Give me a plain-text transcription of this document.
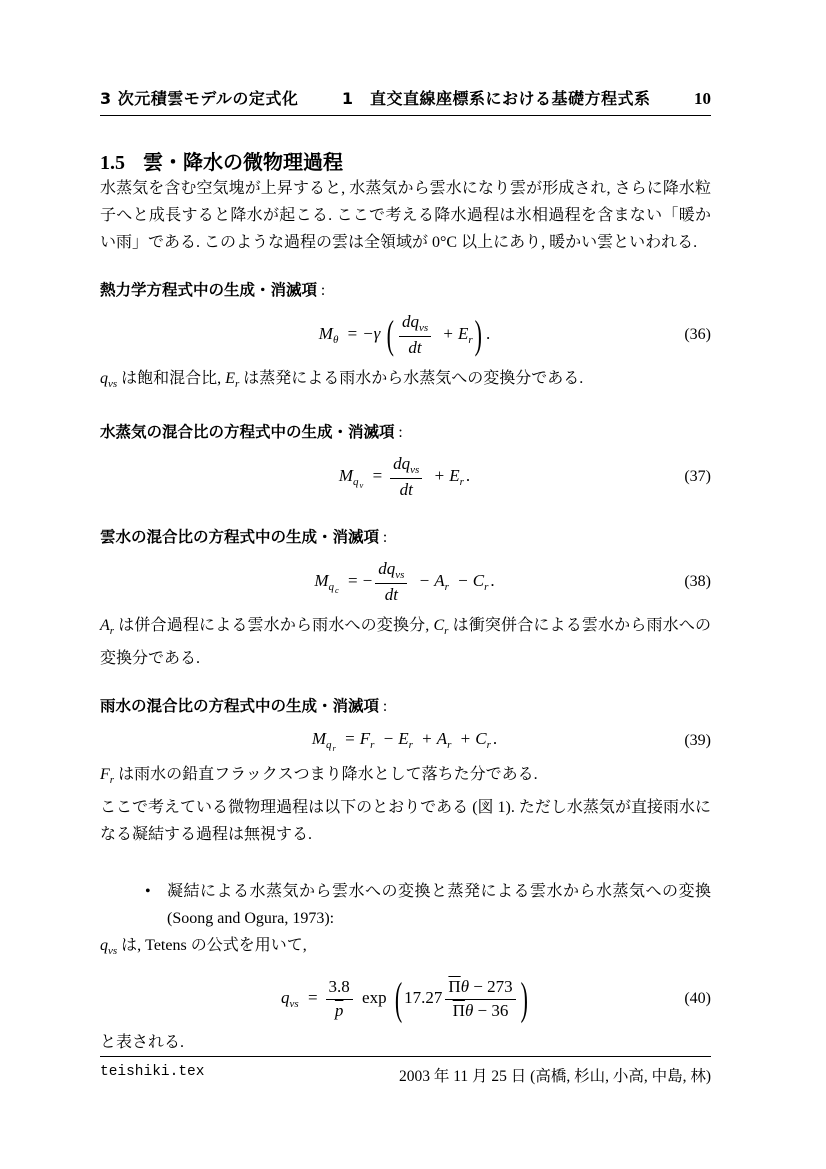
3 次元積雲モデルの定式化	1　直交直線座標系における基礎方程式系	10
1.5 雲・降水の微物理過程

水蒸気を含む空気塊が上昇すると, 水蒸気から雲水になり雲が形成され, さらに降水粒子へと成長すると降水が起こる. ここで考える降水過程は氷相過程を含まない「暖かい雨」である. このような過程の雲は全領域が 0°C 以上にあり, 暖かい雲といわれる.

熱力学方程式中の生成・消滅項 :
$M_\theta = -\gamma$ ( $\frac{dq_{vs}}{dt} + E_r$) .	(36)

$q_{vs}$ は飽和混合比, $E_r$ は蒸発による雨水から水蒸気への変換分である.

水蒸気の混合比の方程式中の生成・消滅項 :
$M_{qv} = \frac{dq_{vs}}{dt} + E_r$ .	(37)
雲水の混合比の方程式中の生成・消滅項 :
$M_{qc}$ = − $\frac{dq_{vs}}{dt} - A_r - C_r$ .	(38)

$A_r$ は併合過程による雲水から雨水への変換分, $C_r$ は衝突併合による雲水から雨水への変換分である.

雨水の混合比の方程式中の生成・消滅項 :
$M_{qr} = F_r - E_r + A_r + C_r$ .	(39)

$F_r$ は雨水の鉛直フラックスつまり降水として落ちた分である.

ここで考えている微物理過程は以下のとおりである (図 1). ただし水蒸気が直接雨水になる凝結する過程は無視する.

•	凝結による水蒸気から雲水への変換と蒸発による雲水から水蒸気への変換 (Soong and Ogura, 1973):

$q_{vs}$ は, Tetens の公式を用いて,

$q_{vs} = \frac{3.8}{p}$ exp ( $17.27 \frac{\overline{\Pi}\theta - 273}{\overline{\Pi}\theta - 36}$ )	(40)

と表される.

teishiki.tex	2003 年 11 月 25 日 (高橋, 杉山, 小高, 中島, 林)
